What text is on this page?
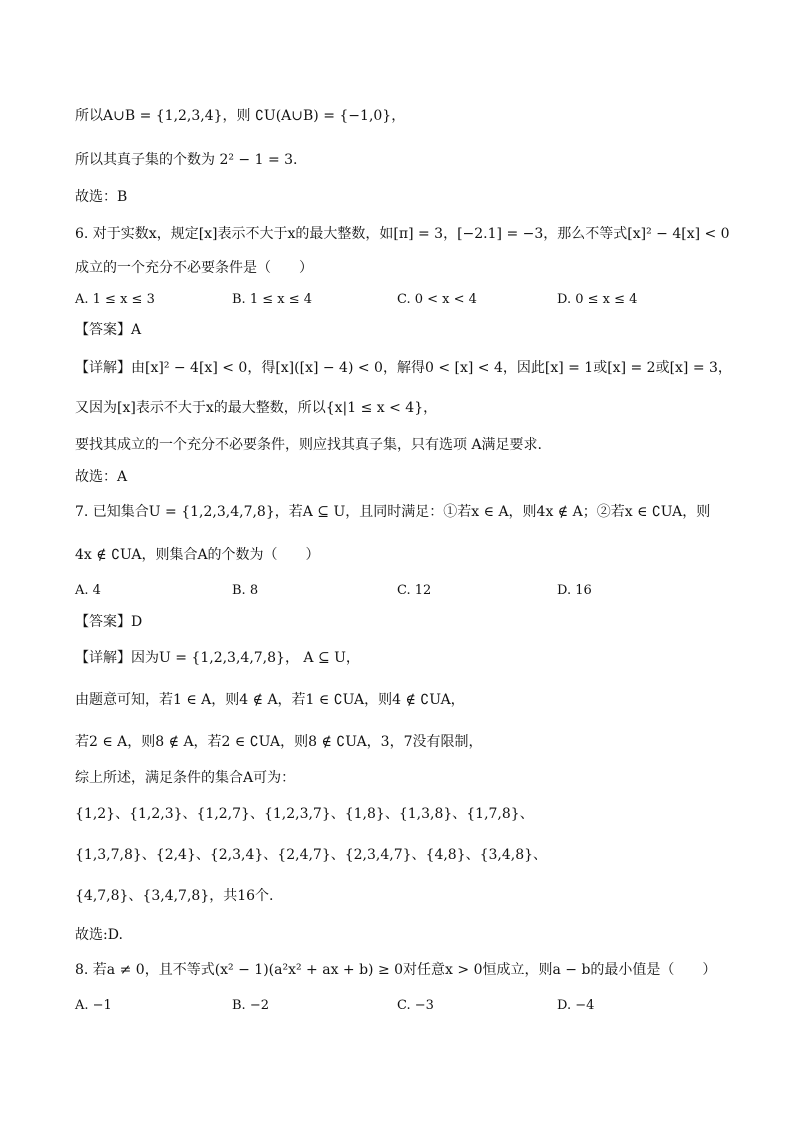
所以A∪B = {1,2,3,4}，则 ∁U(A∪B) = {−1,0}，
所以其真子集的个数为 2² − 1 = 3.
故选：B
6. 对于实数x，规定[x]表示不大于x的最大整数，如[π] = 3，[−2.1] = −3，那么不等式[x]² − 4[x] < 0
成立的一个充分不必要条件是（　　）
A. 1 ≤ x ≤ 3	B. 1 ≤ x ≤ 4	C. 0 < x < 4	D. 0 ≤ x ≤ 4
【答案】A
【详解】由[x]² − 4[x] < 0，得[x]([x] − 4) < 0，解得0 < [x] < 4，因此[x] = 1或[x] = 2或[x] = 3，
又因为[x]表示不大于x的最大整数，所以{x|1 ≤ x < 4}，
要找其成立的一个充分不必要条件，则应找其真子集，只有选项 A满足要求.
故选：A
7. 已知集合U = {1,2,3,4,7,8}，若A ⊆ U，且同时满足：①若x ∈ A，则4x ∉ A；②若x ∈ ∁UA，则
4x ∉ ∁UA，则集合A的个数为（　　）
A. 4	B. 8	C. 12	D. 16
【答案】D
【详解】因为U = {1,2,3,4,7,8}， A ⊆ U，
由题意可知，若1 ∈ A，则4 ∉ A，若1 ∈ ∁UA，则4 ∉ ∁UA，
若2 ∈ A，则8 ∉ A，若2 ∈ ∁UA，则8 ∉ ∁UA，3，7没有限制，
综上所述，满足条件的集合A可为：
{1,2}、{1,2,3}、{1,2,7}、{1,2,3,7}、{1,8}、{1,3,8}、{1,7,8}、
{1,3,7,8}、{2,4}、{2,3,4}、{2,4,7}、{2,3,4,7}、{4,8}、{3,4,8}、
{4,7,8}、{3,4,7,8}，共16个.
故选:D.
8. 若a ≠ 0，且不等式(x² − 1)(a²x² + ax + b) ≥ 0对任意x > 0恒成立，则a − b的最小值是（　　）
A. −1	B. −2	C. −3	D. −4
